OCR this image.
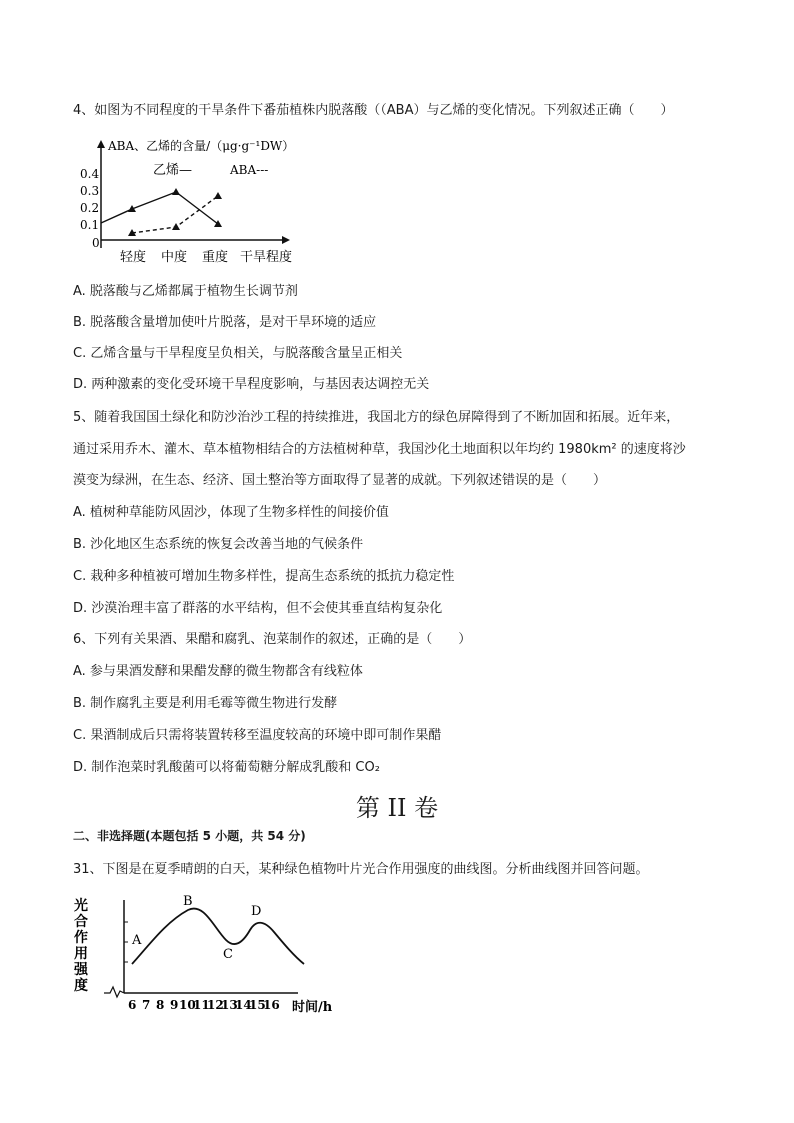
4、如图为不同程度的干旱条件下番茄植株内脱落酸（（ABA）与乙烯的变化情况。下列叙述正确（　　）
ABA、乙烯的含量/（μg·g⁻¹DW）
乙烯—	ABA---
0.4
0.3
0.2
0.1
0
轻度 中度 重度 干旱程度
A. 脱落酸与乙烯都属于植物生长调节剂
B. 脱落酸含量增加使叶片脱落，是对干旱环境的适应
C. 乙烯含量与干旱程度呈负相关，与脱落酸含量呈正相关
D. 两种激素的变化受环境干旱程度影响，与基因表达调控无关
5、随着我国国土绿化和防沙治沙工程的持续推进，我国北方的绿色屏障得到了不断加固和拓展。近年来，
通过采用乔木、灌木、草本植物相结合的方法植树种草，我国沙化土地面积以年均约 1980km² 的速度将沙
漠变为绿洲，在生态、经济、国土整治等方面取得了显著的成就。下列叙述错误的是（　　）
A. 植树种草能防风固沙，体现了生物多样性的间接价值
B. 沙化地区生态系统的恢复会改善当地的气候条件
C. 栽种多种植被可增加生物多样性，提高生态系统的抵抗力稳定性
D. 沙漠治理丰富了群落的水平结构，但不会使其垂直结构复杂化
6、下列有关果酒、果醋和腐乳、泡菜制作的叙述，正确的是（　　）
A. 参与果酒发酵和果醋发酵的微生物都含有线粒体
B. 制作腐乳主要是利用毛霉等微生物进行发酵
C. 果酒制成后只需将装置转移至温度较高的环境中即可制作果醋
D. 制作泡菜时乳酸菌可以将葡萄糖分解成乳酸和 CO₂
第 II 卷
二、非选择题(本题包括 5 小题，共 54 分)
31、下图是在夏季晴朗的白天，某种绿色植物叶片光合作用强度的曲线图。分析曲线图并回答问题。
光
合
作
用
强
度
A
B
C
D
6 7 8 9 10
11
12
13
14
15
16 时间/h
